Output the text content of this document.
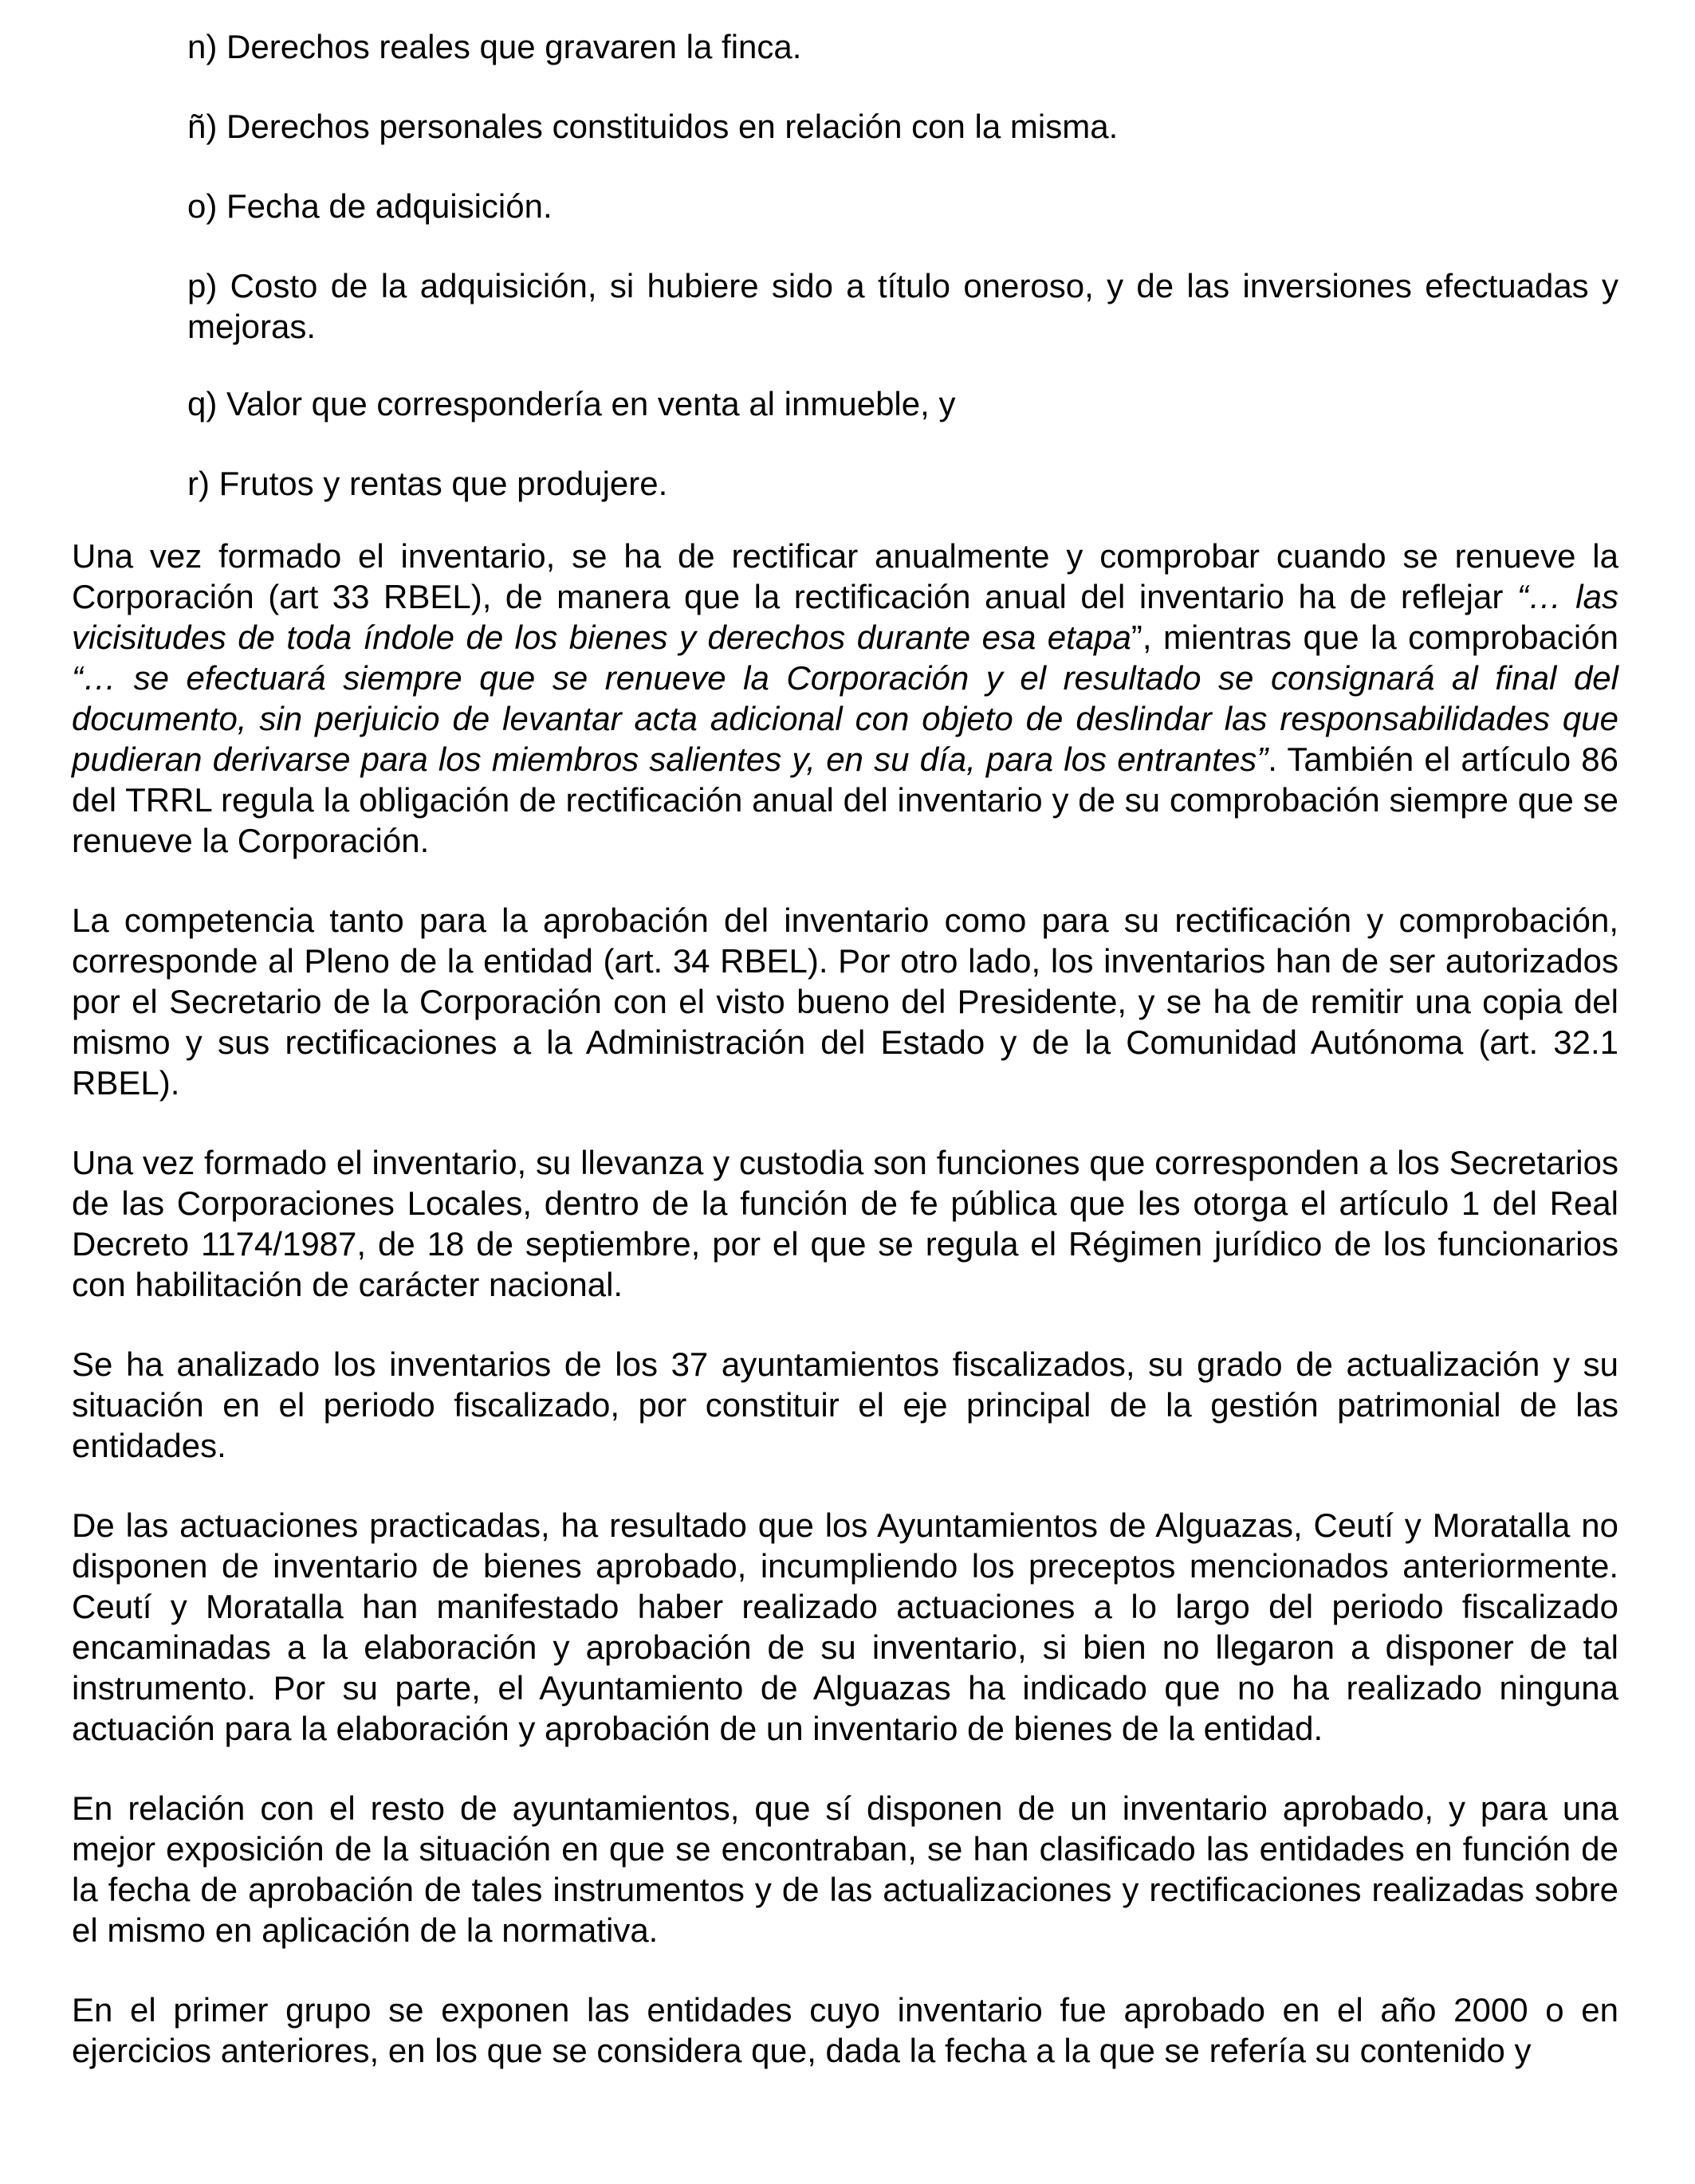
n) Derechos reales que gravaren la finca.

ñ) Derechos personales constituidos en relación con la misma.

o) Fecha de adquisición.

p) Costo de la adquisición, si hubiere sido a título oneroso, y de las inversiones efectuadas y mejoras.

q) Valor que correspondería en venta al inmueble, y

r) Frutos y rentas que produjere.

Una vez formado el inventario, se ha de rectificar anualmente y comprobar cuando se renueve la Corporación (art 33 RBEL), de manera que la rectificación anual del inventario ha de reflejar “… las vicisitudes de toda índole de los bienes y derechos durante esa etapa”, mientras que la comprobación “… se efectuará siempre que se renueve la Corporación y el resultado se consignará al final del documento, sin perjuicio de levantar acta adicional con objeto de deslindar las responsabilidades que pudieran derivarse para los miembros salientes y, en su día, para los entrantes”. También el artículo 86 del TRRL regula la obligación de rectificación anual del inventario y de su comprobación siempre que se renueve la Corporación.

La competencia tanto para la aprobación del inventario como para su rectificación y comprobación, corresponde al Pleno de la entidad (art. 34 RBEL). Por otro lado, los inventarios han de ser autorizados por el Secretario de la Corporación con el visto bueno del Presidente, y se ha de remitir una copia del mismo y sus rectificaciones a la Administración del Estado y de la Comunidad Autónoma (art. 32.1 RBEL).

Una vez formado el inventario, su llevanza y custodia son funciones que corresponden a los Secretarios de las Corporaciones Locales, dentro de la función de fe pública que les otorga el artículo 1 del Real Decreto 1174/1987, de 18 de septiembre, por el que se regula el Régimen jurídico de los funcionarios con habilitación de carácter nacional.

Se ha analizado los inventarios de los 37 ayuntamientos fiscalizados, su grado de actualización y su situación en el periodo fiscalizado, por constituir el eje principal de la gestión patrimonial de las entidades.

De las actuaciones practicadas, ha resultado que los Ayuntamientos de Alguazas, Ceutí y Moratalla no disponen de inventario de bienes aprobado, incumpliendo los preceptos mencionados anteriormente. Ceutí y Moratalla han manifestado haber realizado actuaciones a lo largo del periodo fiscalizado encaminadas a la elaboración y aprobación de su inventario, si bien no llegaron a disponer de tal instrumento. Por su parte, el Ayuntamiento de Alguazas ha indicado que no ha realizado ninguna actuación para la elaboración y aprobación de un inventario de bienes de la entidad.

En relación con el resto de ayuntamientos, que sí disponen de un inventario aprobado, y para una mejor exposición de la situación en que se encontraban, se han clasificado las entidades en función de la fecha de aprobación de tales instrumentos y de las actualizaciones y rectificaciones realizadas sobre el mismo en aplicación de la normativa.

En el primer grupo se exponen las entidades cuyo inventario fue aprobado en el año 2000 o en ejercicios anteriores, en los que se considera que, dada la fecha a la que se refería su contenido y
